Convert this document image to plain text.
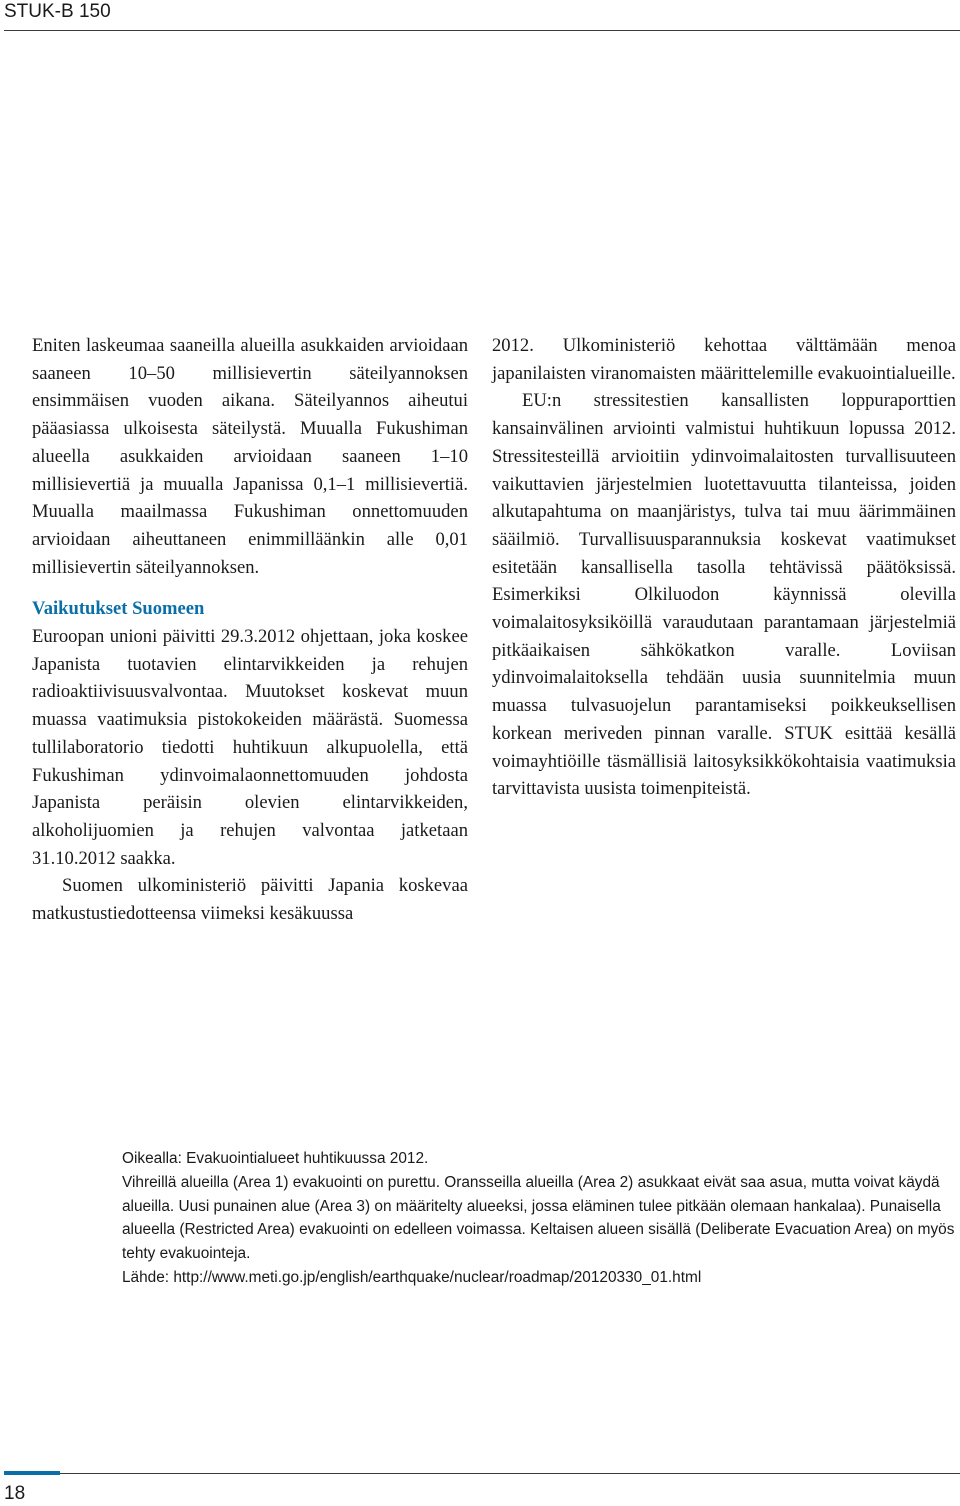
STUK-B 150

Eniten laskeumaa saaneilla alueilla asukkaiden arvioidaan saaneen 10–50 millisievertin säteilyannoksen ensimmäisen vuoden aikana. Säteilyannos aiheutui pääasiassa ulkoisesta säteilystä. Muualla Fukushiman alueella asukkaiden arvioidaan saaneen 1–10 millisievertiä ja muualla Japanissa 0,1–1 millisievertiä. Muualla maailmassa Fukushiman onnettomuuden arvioidaan aiheuttaneen enimmilläänkin alle 0,01 millisievertin säteilyannoksen.

Vaikutukset Suomeen

Euroopan unioni päivitti 29.3.2012 ohjettaan, joka koskee Japanista tuotavien elintarvikkeiden ja rehujen radioaktiivisuusvalvontaa. Muutokset koskevat muun muassa vaatimuksia pistokokeiden määrästä. Suomessa tullilaboratorio tiedotti huhtikuun alkupuolella, että Fukushiman ydinvoimalaonnettomuuden johdosta Japanista peräisin olevien elintarvikkeiden, alkoholijuomien ja rehujen valvontaa jatketaan 31.10.2012 saakka.

Suomen ulkoministeriö päivitti Japania koskevaa matkustustiedotteensa viimeksi kesäkuussa

2012. Ulkoministeriö kehottaa välttämään menoa japanilaisten viranomaisten määrittelemille evakuointialueille.

EU:n stressitestien kansallisten loppuraporttien kansainvälinen arviointi valmistui huhtikuun lopussa 2012. Stressitesteillä arvioitiin ydinvoimalaitosten turvallisuuteen vaikuttavien järjestelmien luotettavuutta tilanteissa, joiden alkutapahtuma on maanjäristys, tulva tai muu äärimmäinen sääilmiö. Turvallisuusparannuksia koskevat vaatimukset esitetään kansallisella tasolla tehtävissä päätöksissä. Esimerkiksi Olkiluodon käynnissä olevilla voimalaitosyksiköillä varaudutaan parantamaan järjestelmiä pitkäaikaisen sähkökatkon varalle. Loviisan ydinvoimalaitoksella tehdään uusia suunnitelmia muun muassa tulvasuojelun parantamiseksi poikkeuksellisen korkean meriveden pinnan varalle. STUK esittää kesällä voimayhtiöille täsmällisiä laitosyksikkökohtaisia vaatimuksia tarvittavista uusista toimenpiteistä.

Oikealla: Evakuointialueet huhtikuussa 2012.

Vihreillä alueilla (Area 1) evakuointi on purettu. Oransseilla alueilla (Area 2) asukkaat eivät saa asua, mutta voivat käydä alueilla. Uusi punainen alue (Area 3) on määritelty alueeksi, jossa eläminen tulee pitkään olemaan hankalaa). Punaisella alueella (Restricted Area) evakuointi on edelleen voimassa. Keltaisen alueen sisällä (Deliberate Evacuation Area) on myös tehty evakuointeja.

Lähde: http://www.meti.go.jp/english/earthquake/nuclear/roadmap/20120330_01.html

18
